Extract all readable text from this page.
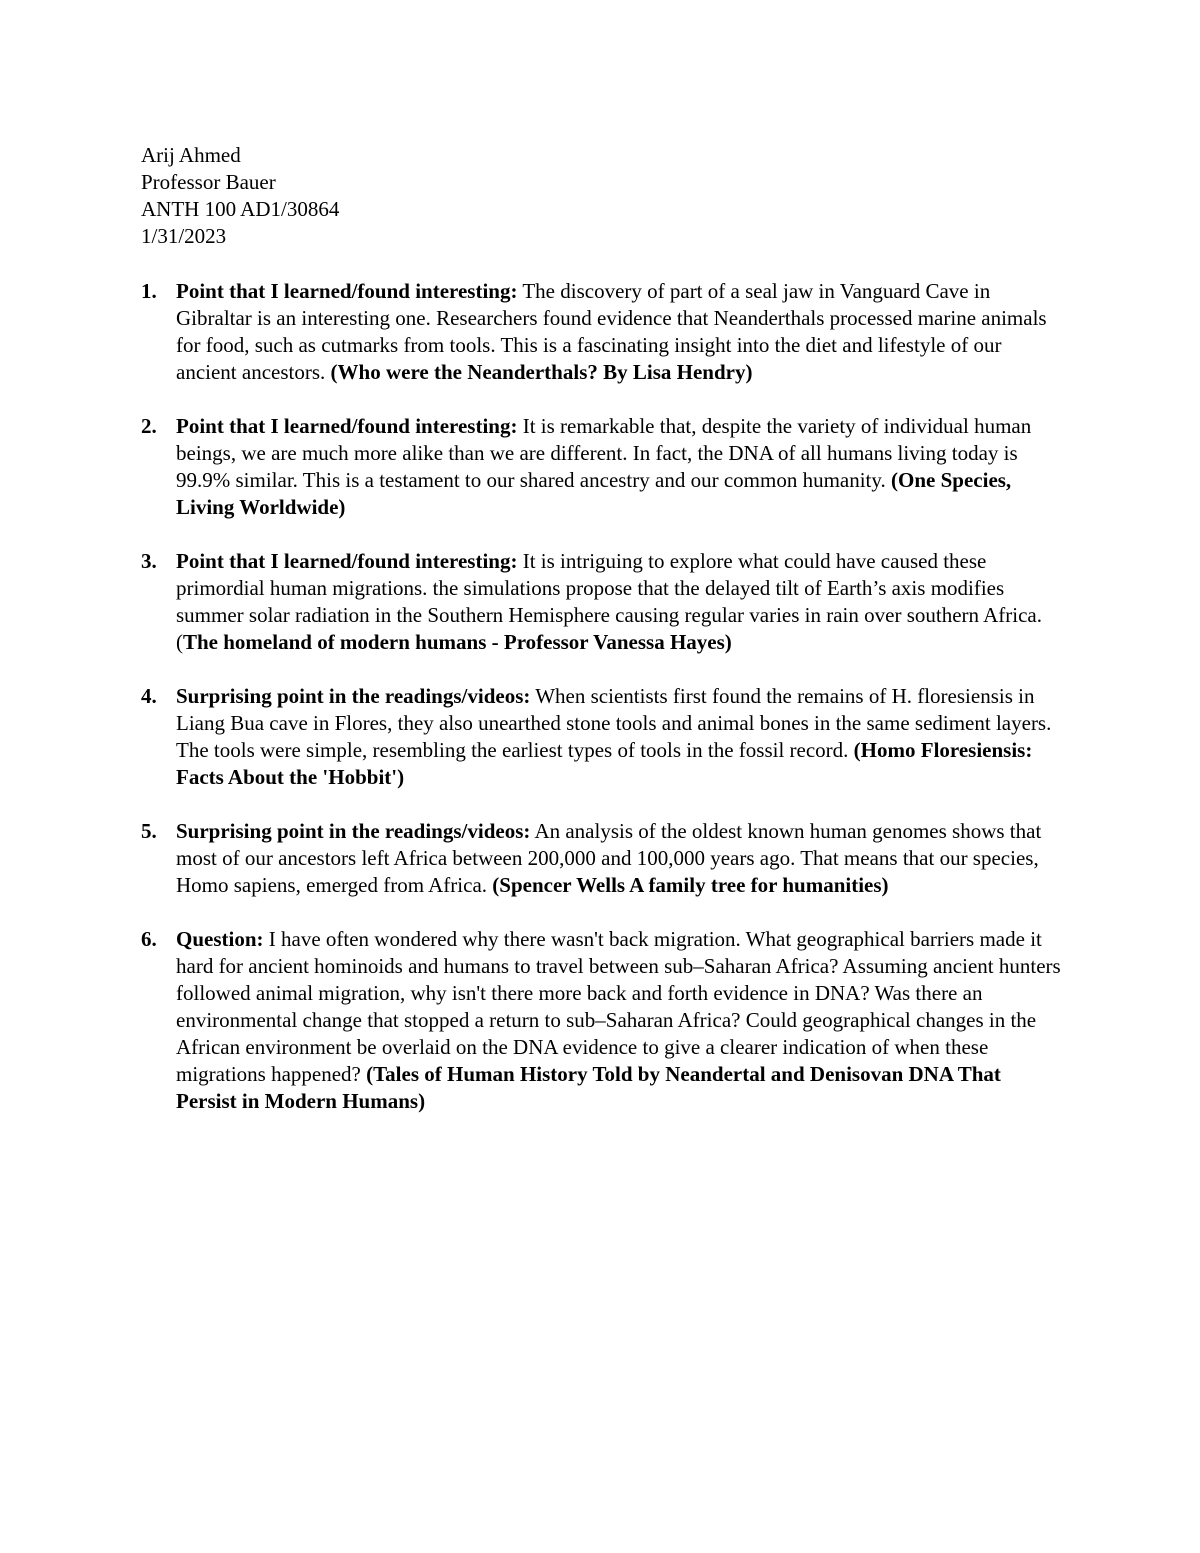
Arij Ahmed
Professor Bauer
ANTH 100 AD1/30864
1/31/2023
1. Point that I learned/found interesting: The discovery of part of a seal jaw in Vanguard Cave in Gibraltar is an interesting one. Researchers found evidence that Neanderthals processed marine animals for food, such as cutmarks from tools. This is a fascinating insight into the diet and lifestyle of our ancient ancestors. (Who were the Neanderthals? By Lisa Hendry)
2. Point that I learned/found interesting: It is remarkable that, despite the variety of individual human beings, we are much more alike than we are different. In fact, the DNA of all humans living today is 99.9% similar. This is a testament to our shared ancestry and our common humanity. (One Species, Living Worldwide)
3. Point that I learned/found interesting: It is intriguing to explore what could have caused these primordial human migrations. the simulations propose that the delayed tilt of Earth’s axis modifies summer solar radiation in the Southern Hemisphere causing regular varies in rain over southern Africa. (The homeland of modern humans - Professor Vanessa Hayes)
4. Surprising point in the readings/videos: When scientists first found the remains of H. floresiensis in Liang Bua cave in Flores, they also unearthed stone tools and animal bones in the same sediment layers. The tools were simple, resembling the earliest types of tools in the fossil record. (Homo Floresiensis: Facts About the 'Hobbit')
5. Surprising point in the readings/videos: An analysis of the oldest known human genomes shows that most of our ancestors left Africa between 200,000 and 100,000 years ago. That means that our species, Homo sapiens, emerged from Africa. (Spencer Wells A family tree for humanities)
6. Question: I have often wondered why there wasn't back migration. What geographical barriers made it hard for ancient hominoids and humans to travel between sub–Saharan Africa? Assuming ancient hunters followed animal migration, why isn't there more back and forth evidence in DNA? Was there an environmental change that stopped a return to sub–Saharan Africa? Could geographical changes in the African environment be overlaid on the DNA evidence to give a clearer indication of when these migrations happened? (Tales of Human History Told by Neandertal and Denisovan DNA That Persist in Modern Humans)
